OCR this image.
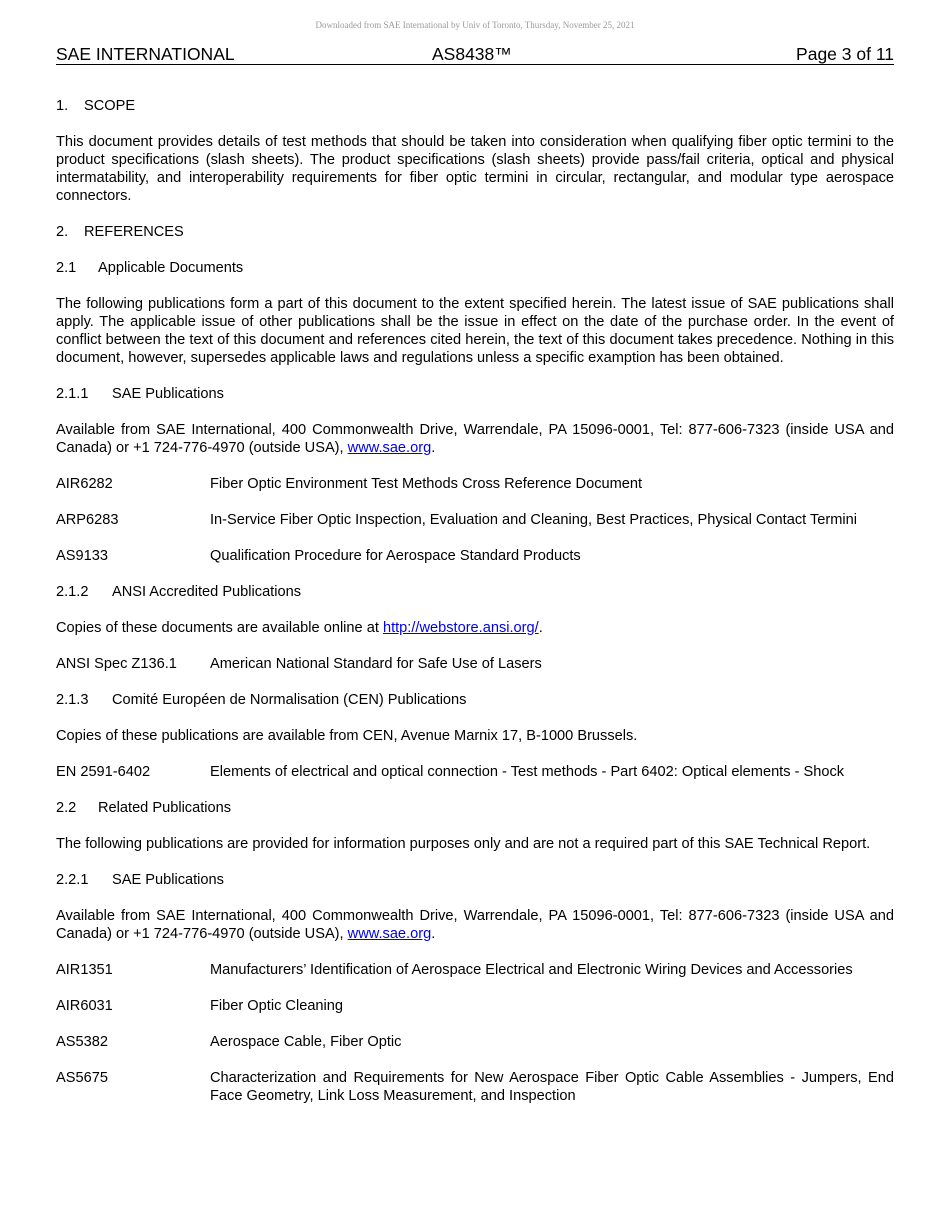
Downloaded from SAE International by Univ of Toronto, Thursday, November 25, 2021
SAE INTERNATIONAL	AS8438™	Page 3 of 11
1. SCOPE

This document provides details of test methods that should be taken into consideration when qualifying fiber optic termini to the product specifications (slash sheets). The product specifications (slash sheets) provide pass/fail criteria, optical and physical intermatability, and interoperability requirements for fiber optic termini in circular, rectangular, and modular type aerospace connectors.

2. REFERENCES
2.1 Applicable Documents

The following publications form a part of this document to the extent specified herein. The latest issue of SAE publications shall apply. The applicable issue of other publications shall be the issue in effect on the date of the purchase order. In the event of conflict between the text of this document and references cited herein, the text of this document takes precedence. Nothing in this document, however, supersedes applicable laws and regulations unless a specific examption has been obtained.

2.1.1 SAE Publications

Available from SAE International, 400 Commonwealth Drive, Warrendale, PA 15096-0001, Tel: 877-606-7323 (inside USA and Canada) or +1 724-776-4970 (outside USA), www.sae.org.

AIR6282	Fiber Optic Environment Test Methods Cross Reference Document
ARP6283	In-Service Fiber Optic Inspection, Evaluation and Cleaning, Best Practices, Physical Contact Termini
AS9133	Qualification Procedure for Aerospace Standard Products
2.1.2 ANSI Accredited Publications

Copies of these documents are available online at http://webstore.ansi.org/.

ANSI Spec Z136.1	American National Standard for Safe Use of Lasers
2.1.3 Comité Européen de Normalisation (CEN) Publications

Copies of these publications are available from CEN, Avenue Marnix 17, B-1000 Brussels.

EN 2591-6402	Elements of electrical and optical connection - Test methods - Part 6402: Optical elements - Shock
2.2 Related Publications

The following publications are provided for information purposes only and are not a required part of this SAE Technical Report.

2.2.1 SAE Publications

Available from SAE International, 400 Commonwealth Drive, Warrendale, PA 15096-0001, Tel: 877-606-7323 (inside USA and Canada) or +1 724-776-4970 (outside USA), www.sae.org.

AIR1351	Manufacturers’ Identification of Aerospace Electrical and Electronic Wiring Devices and Accessories
AIR6031	Fiber Optic Cleaning
AS5382	Aerospace Cable, Fiber Optic
AS5675	Characterization and Requirements for New Aerospace Fiber Optic Cable Assemblies - Jumpers, End Face Geometry, Link Loss Measurement, and Inspection
